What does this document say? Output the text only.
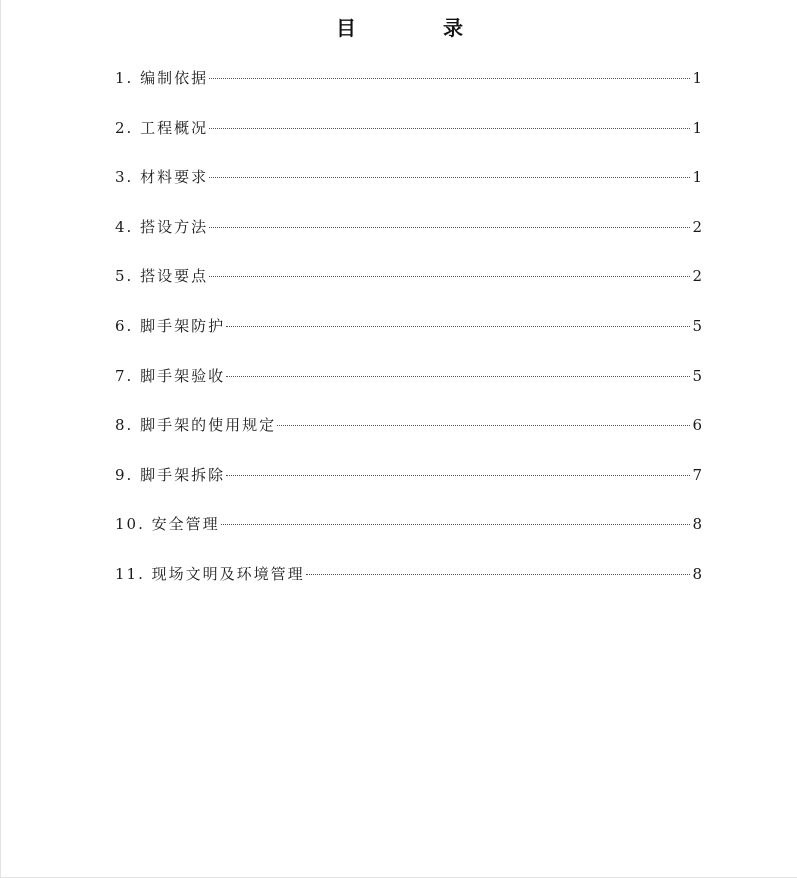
目 录
1. 编制依据	1
2. 工程概况	1
3. 材料要求	1
4. 搭设方法	2
5. 搭设要点	2
6. 脚手架防护	5
7. 脚手架验收	5
8. 脚手架的使用规定	6
9. 脚手架拆除	7
10. 安全管理	8
11. 现场文明及环境管理	8
